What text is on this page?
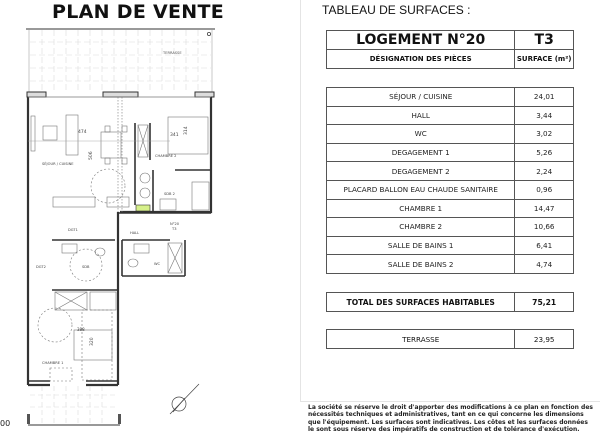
PLAN DE VENTE
TERRASSE
SÉJOUR / CUISINE
CHAMBRE 2
SDB 2
DGT1
DGT2	SDB
HALL
WC
CHAMBRE 1
N°20
T3
474
341
388
506
314
320
00
TABLEAU DE SURFACES :
LOGEMENT N°20	T3
DÉSIGNATION DES PIÈCES	SURFACE (m²)
SÉJOUR / CUISINE	24,01
HALL	3,44
WC	3,02
DEGAGEMENT 1	5,26
DEGAGEMENT 2	2,24
PLACARD BALLON EAU CHAUDE SANITAIRE	0,96
CHAMBRE 1	14,47
CHAMBRE 2	10,66
SALLE DE BAINS 1	6,41
SALLE DE BAINS 2	4,74
TOTAL DES SURFACES HABITABLES	75,21
TERRASSE	23,95
La société se réserve le droit d'apporter des modifications à ce plan en fonction des nécessités techniques et administratives, tant en ce qui concerne les dimensions que l'équipement. Les surfaces sont indicatives. Les côtes et les surfaces données le sont sous réserve des impératifs de construction et de tolérance d'exécution.
